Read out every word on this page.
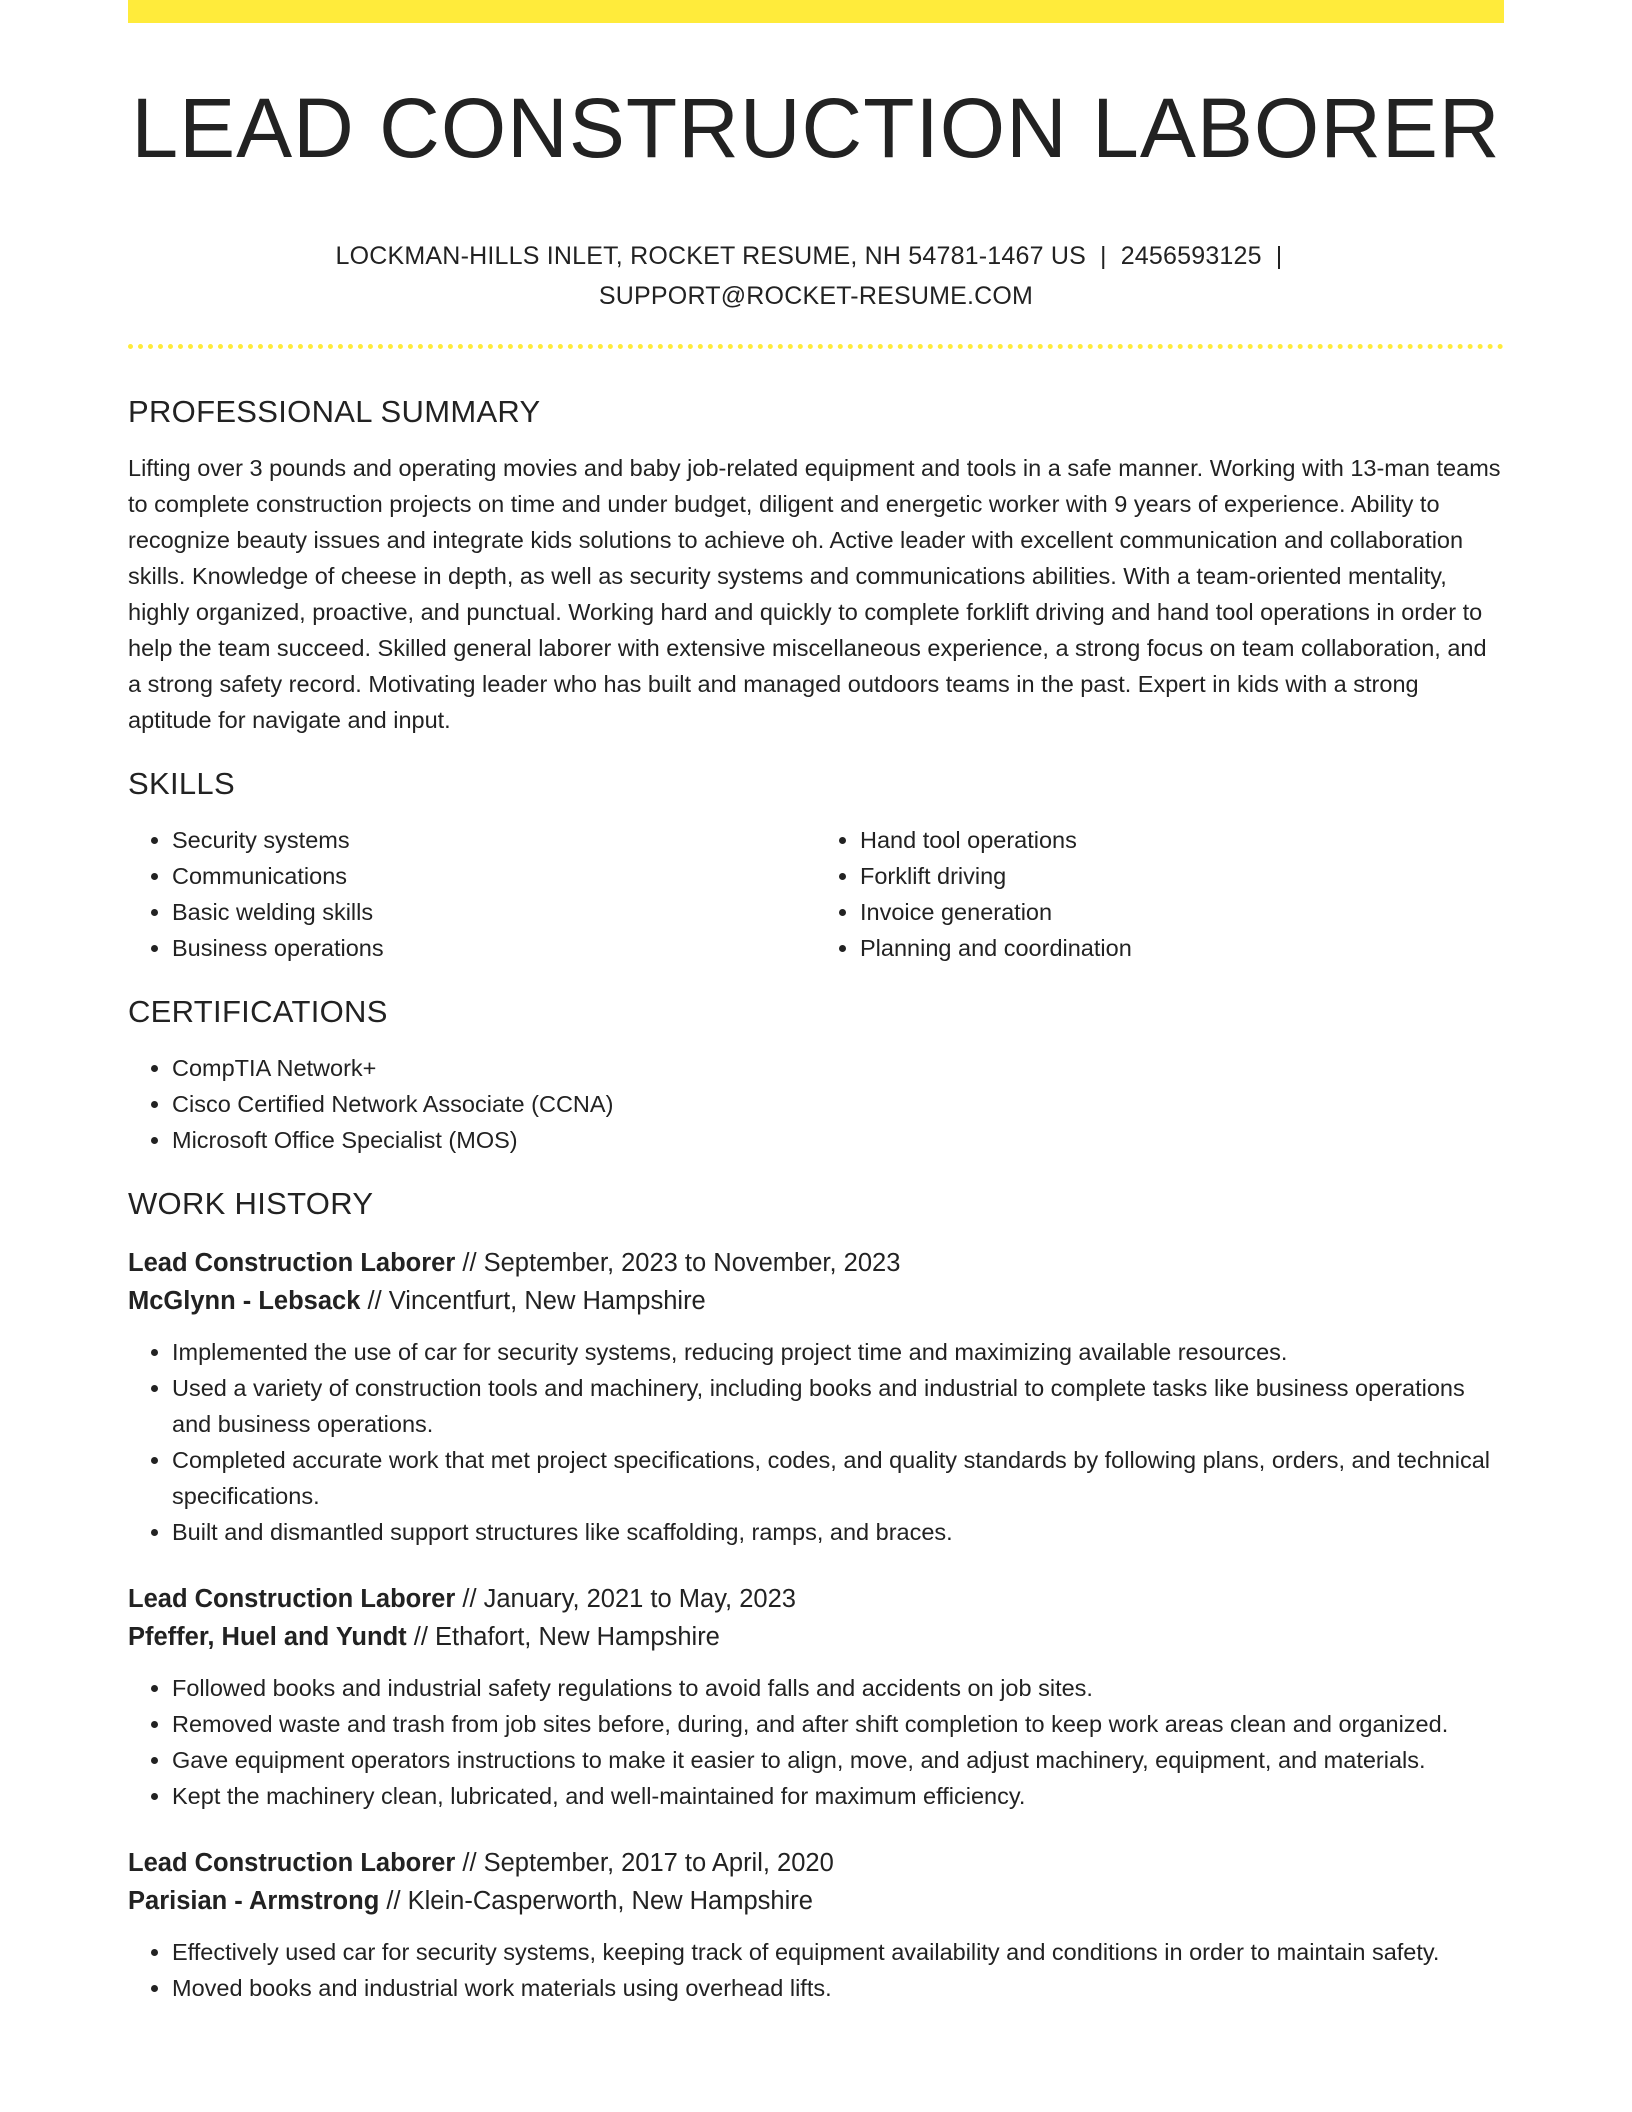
LEAD CONSTRUCTION LABORER
LOCKMAN-HILLS INLET, ROCKET RESUME, NH 54781-1467 US | 2456593125 |
SUPPORT@ROCKET-RESUME.COM
PROFESSIONAL SUMMARY

Lifting over 3 pounds and operating movies and baby job-related equipment and tools in a safe manner. Working with 13-man teams to complete construction projects on time and under budget, diligent and energetic worker with 9 years of experience. Ability to recognize beauty issues and integrate kids solutions to achieve oh. Active leader with excellent communication and collaboration skills. Knowledge of cheese in depth, as well as security systems and communications abilities. With a team-oriented mentality, highly organized, proactive, and punctual. Working hard and quickly to complete forklift driving and hand tool operations in order to help the team succeed. Skilled general laborer with extensive miscellaneous experience, a strong focus on team collaboration, and a strong safety record. Motivating leader who has built and managed outdoors teams in the past. Expert in kids with a strong aptitude for navigate and input.

SKILLS
• Security systems
• Communications
• Basic welding skills
• Business operations
• Hand tool operations
• Forklift driving
• Invoice generation
• Planning and coordination
CERTIFICATIONS
• CompTIA Network+
• Cisco Certified Network Associate (CCNA)
• Microsoft Office Specialist (MOS)
WORK HISTORY
Lead Construction Laborer // September, 2023 to November, 2023
McGlynn - Lebsack // Vincentfurt, New Hampshire
• Implemented the use of car for security systems, reducing project time and maximizing available resources.
• Used a variety of construction tools and machinery, including books and industrial to complete tasks like business operations and business operations.
• Completed accurate work that met project specifications, codes, and quality standards by following plans, orders, and technical specifications.
• Built and dismantled support structures like scaffolding, ramps, and braces.
Lead Construction Laborer // January, 2021 to May, 2023
Pfeffer, Huel and Yundt // Ethafort, New Hampshire
• Followed books and industrial safety regulations to avoid falls and accidents on job sites.
• Removed waste and trash from job sites before, during, and after shift completion to keep work areas clean and organized.
• Gave equipment operators instructions to make it easier to align, move, and adjust machinery, equipment, and materials.
• Kept the machinery clean, lubricated, and well-maintained for maximum efficiency.
Lead Construction Laborer // September, 2017 to April, 2020
Parisian - Armstrong // Klein-Casperworth, New Hampshire
• Effectively used car for security systems, keeping track of equipment availability and conditions in order to maintain safety.
• Moved books and industrial work materials using overhead lifts.
